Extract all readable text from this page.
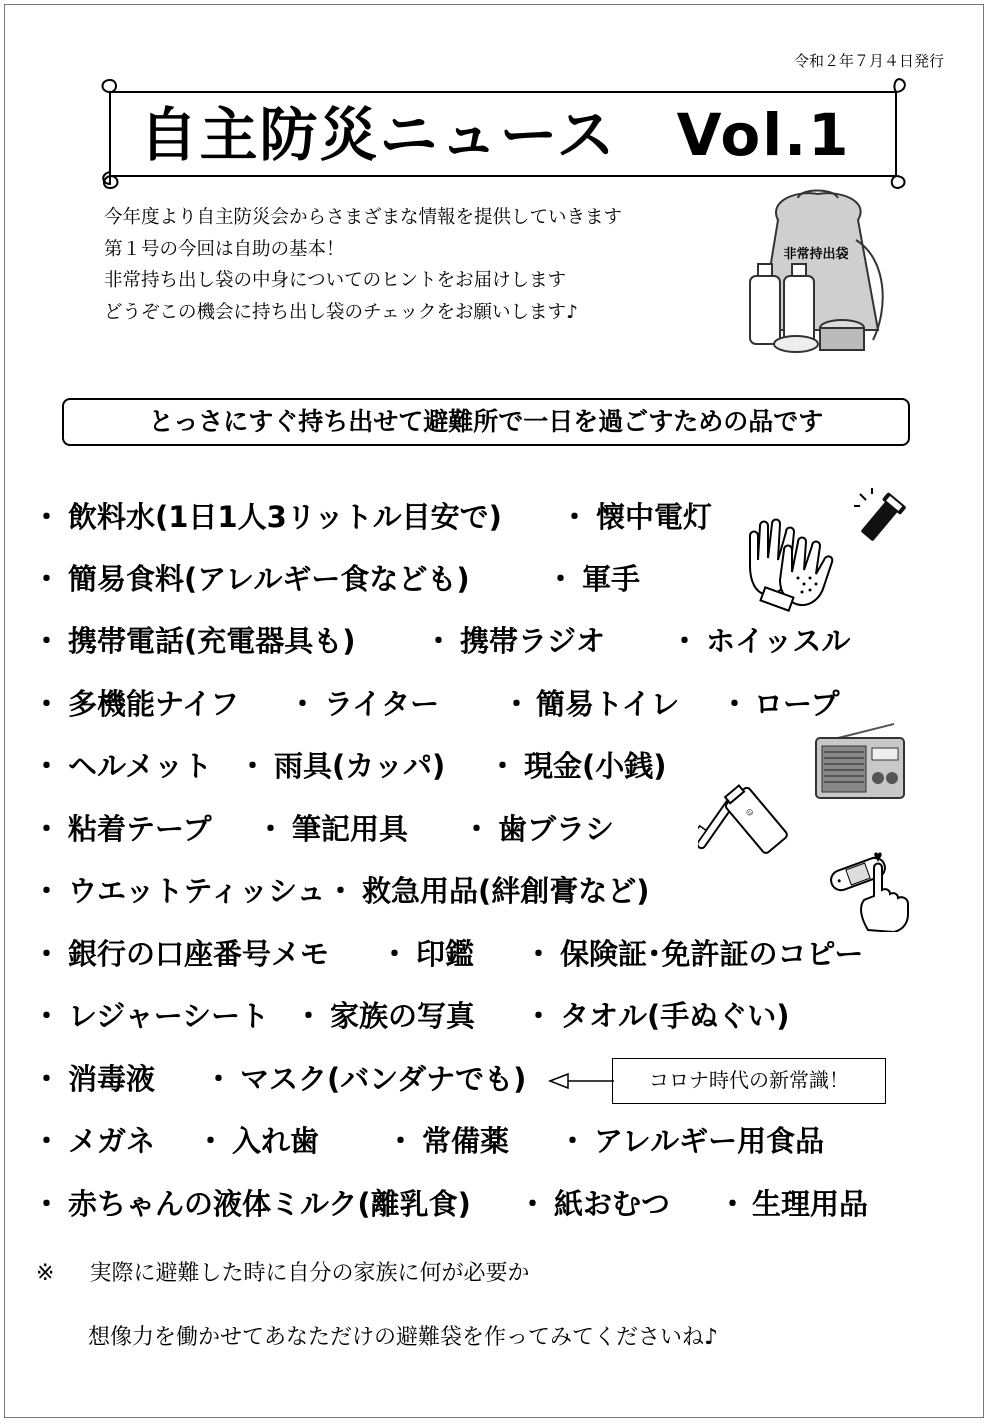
令和２年７月４日発行
自主防災ニュース　Vol.1
今年度より自主防災会からさまざまな情報を提供していきます
第１号の今回は自助の基本！
非常持ち出し袋の中身についてのヒントをお届けします
どうぞこの機会に持ち出し袋のチェックをお願いします♪
非常持出袋
とっさにすぐ持ち出せて避難所で一日を過ごすための品です
・ 飲料水(1日1人3リットル目安で) ・ 懐中電灯
・ 簡易食料(アレルギー食なども)	・ 軍手
・ 携帯電話(充電器具も) ・ 携帯ラジオ ・ ホイッスル
・ 多機能ナイフ ・ ライター ・ 簡易トイレ ・ ロープ
・ ヘルメット ・ 雨具(カッパ) ・ 現金(小銭)
・ 粘着テープ ・ 筆記用具 ・ 歯ブラシ
・ ウエットティッシュ ・ 救急用品(絆創膏など)
・ 銀行の口座番号メモ ・ 印鑑 ・ 保険証･免許証のコピー
・ レジャーシート ・ 家族の写真 ・ タオル(手ぬぐい)
・ 消毒液 ・ マスク(バンダナでも)
・ メガネ ・ 入れ歯 ・ 常備薬 ・ アレルギー用食品
・ 赤ちゃんの液体ミルク(離乳食) ・ 紙おむつ ・ 生理用品
コロナ時代の新常識！
※ 実際に避難した時に自分の家族に何が必要か
想像力を働かせてあなただけの避難袋を作ってみてくださいね♪
☺
